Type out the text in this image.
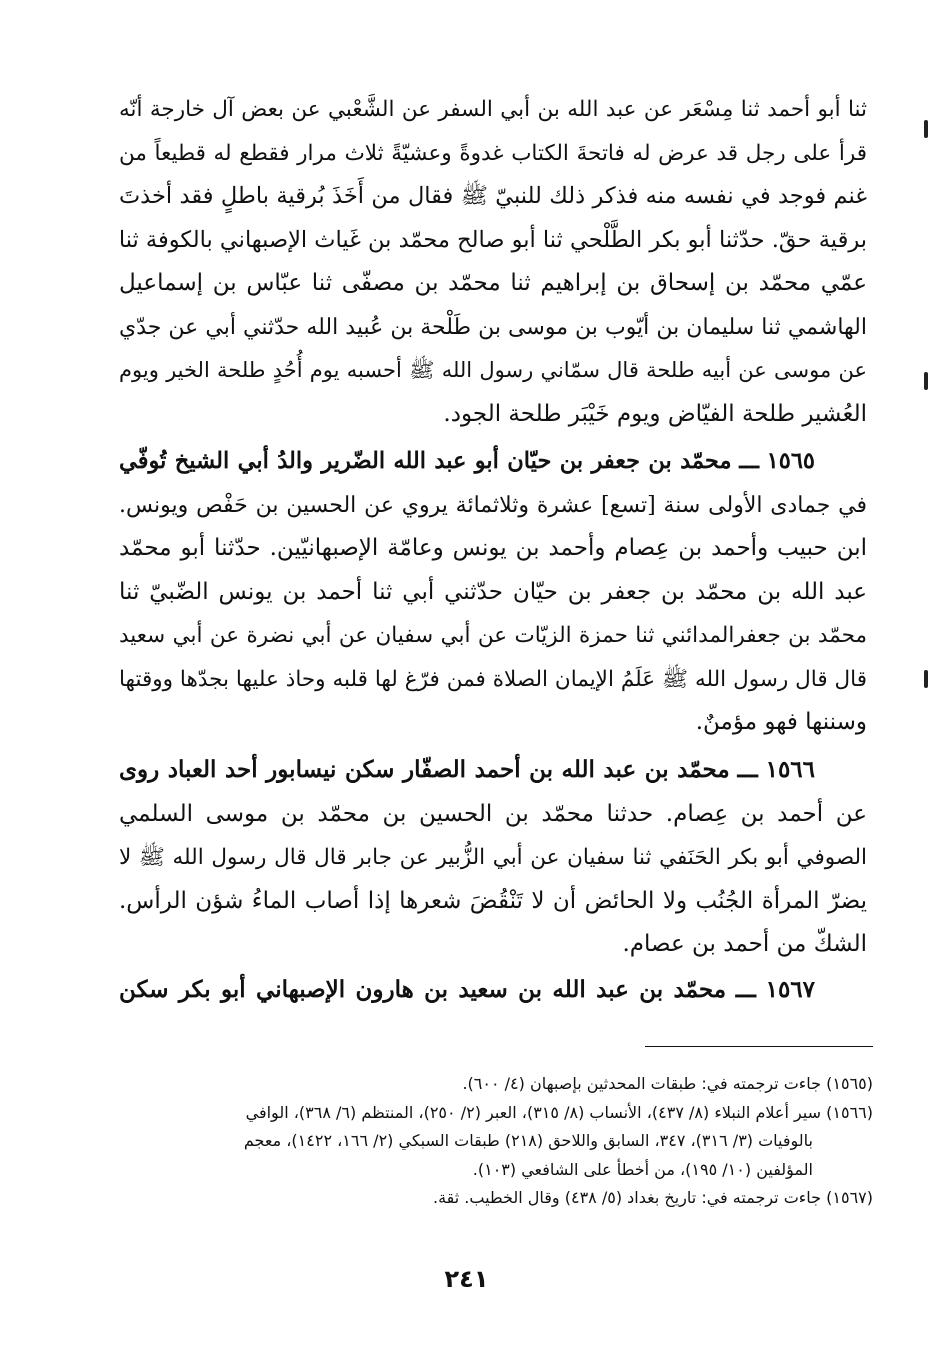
ثنا أبو أحمد ثنا مِسْعَر عن عبد الله بن أبي السفر عن الشَّعْبي عن بعض آل خارجة أنّه

قرأ على رجل قد عرض له فاتحةَ الكتاب غدوةً وعشيّةً ثلاث مرار فقطع له قطيعاً من

غنم فوجد في نفسه منه فذكر ذلك للنبيّ ﷺ فقال من أَخَذَ بُرقية باطلٍ فقد أخذتَ

برقية حقّ. حدّثنا أبو بكر الطَّلْحي ثنا أبو صالح محمّد بن غَياث الإصبهاني بالكوفة ثنا

عمّي محمّد بن إسحاق بن إبراهيم ثنا محمّد بن مصفّى ثنا عبّاس بن إسماعيل

الهاشمي ثنا سليمان بن أيّوب بن موسى بن طَلْحة بن عُبيد الله حدّثني أبي عن جدّي

عن موسى عن أبيه طلحة قال سمّاني رسول الله ﷺ أحسبه يوم أُحُدٍ طلحة الخير ويوم

العُشير طلحة الفيّاض ويوم خَيْبَر طلحة الجود.

١٥٦٥ ـــ محمّد بن جعفر بن حيّان أبو عبد الله الضّرير والدُ أبي الشيخ تُوفّي

في جمادى الأولى سنة [تسع] عشرة وثلاثمائة يروي عن الحسين بن حَفْص ويونس.

ابن حبيب وأحمد بن عِصام وأحمد بن يونس وعامّة الإصبهانيّين. حدّثنا أبو محمّد

عبد الله بن محمّد بن جعفر بن حيّان حدّثني أبي ثنا أحمد بن يونس الضّبيّ ثنا

محمّد بن جعفرالمدائني ثنا حمزة الزيّات عن أبي سفيان عن أبي نضرة عن أبي سعيد

قال قال رسول الله ﷺ عَلَمُ الإيمان الصلاة فمن فرّغ لها قلبه وحاذ عليها بجدّها ووقتها

وسننها فهو مؤمنٌ.

١٥٦٦ ـــ محمّد بن عبد الله بن أحمد الصفّار سكن نيسابور أحد العباد روى

عن أحمد بن عِصام. حدثنا محمّد بن الحسين بن محمّد بن موسى السلمي

الصوفي أبو بكر الحَنَفي ثنا سفيان عن أبي الزُّبير عن جابر قال قال رسول الله ﷺ لا

يضرّ المرأة الجُنُب ولا الحائض أن لا تَنْقُضَ شعرها إذا أصاب الماءُ شؤن الرأس.

الشكّ من أحمد بن عصام.

١٥٦٧ ـــ محمّد بن عبد الله بن سعيد بن هارون الإصبهاني أبو بكر سكن

(١٥٦٥) جاءت ترجمته في: طبقات المحدثين بإصبهان (٤/ ٦٠٠).

(١٥٦٦) سير أعلام النبلاء (٨/ ٤٣٧)، الأنساب (٨/ ٣١٥)، العبر (٢/ ٢٥٠)، المنتظم (٦/ ٣٦٨)، الوافي

بالوفيات (٣/ ٣١٦)، ٣٤٧، السابق واللاحق (٢١٨) طبقات السبكي (٢/ ١٦٦، ١٤٢٢)، معجم

المؤلفين (١٠/ ١٩٥)، من أخطأ على الشافعي (١٠٣).

(١٥٦٧) جاءت ترجمته في: تاريخ بغداد (٥/ ٤٣٨) وقال الخطيب. ثقة.

٢٤١
